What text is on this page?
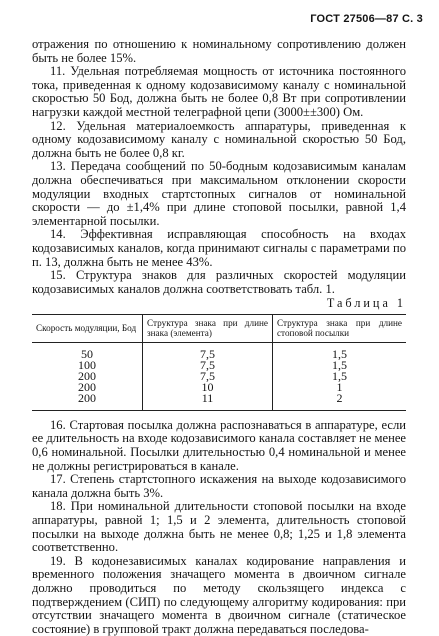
ГОСТ 27506—87 С. 3

отражения по отношению к номинальному сопротивлению должен быть не более 15%.

11. Удельная потребляемая мощность от источника постоянного тока, приведенная к одному кодозависимому каналу с номинальной скоростью 50 Бод, должна быть не более 0,8 Вт при сопротивлении нагрузки каждой местной телеграфной цепи (3000±±300) Ом.

12. Удельная материалоемкость аппаратуры, приведенная к одному кодозависимому каналу с номинальной скоростью 50 Бод, должна быть не более 0,8 кг.

13. Передача сообщений по 50-бодным кодозависимым каналам должна обеспечиваться при максимальном отклонении скорости модуляции входных стартстопных сигналов от номинальной скорости — до ±1,4% при длине стоповой посылки, равной 1,4 элементарной посылки.

14. Эффективная исправляющая способность на входах кодозависимых каналов, когда принимают сигналы с параметрами по п. 13, должна быть не менее 43%.

15. Структура знаков для различных скоростей модуляции кодозависимых каналов должна соответствовать табл. 1.

Таблица 1
Скорость модуляции, Бод	Структура знака при длине знака (элемента)	Структура знака при длине стоповой посылки
50	7,5	1,5
100	7,5	1,5
200	7,5	1,5
200	10	1
200	11	2

16. Стартовая посылка должна распознаваться в аппаратуре, если ее длительность на входе кодозависимого канала составляет не менее 0,6 номинальной. Посылки длительностью 0,4 номинальной и менее не должны регистрироваться в канале.

17. Степень стартстопного искажения на выходе кодозависимого канала должна быть 3%.

18. При номинальной длительности стоповой посылки на входе аппаратуры, равной 1; 1,5 и 2 элемента, длительность стоповой посылки на выходе должна быть не менее 0,8; 1,25 и 1,8 элемента соответственно.

19. В кодонезависимых каналах кодирование направления и временного положения значащего момента в двоичном сигнале должно проводиться по методу скользящего индекса с подтверждением (СИП) по следующему алгоритму кодирования: при отсутствии значащего момента в двоичном сигнале (статическое состояние) в групповой тракт должна передаваться последова-
